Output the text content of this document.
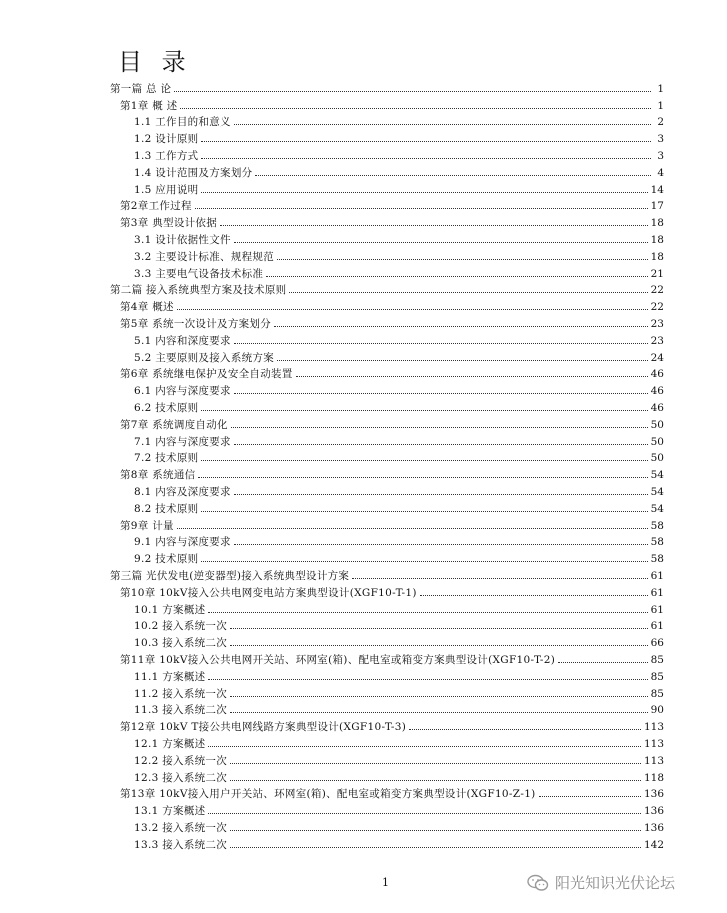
目 录
第一篇 总 论	1
第1章 概 述	1
1.1 工作目的和意义	2
1.2 设计原则	3
1.3 工作方式	3
1.4 设计范围及方案划分	4
1.5 应用说明	14
第2章工作过程	17
第3章 典型设计依据	18
3.1 设计依据性文件	18
3.2 主要设计标准、规程规范	18
3.3 主要电气设备技术标准	21
第二篇 接入系统典型方案及技术原则	22
第4章 概述	22
第5章 系统一次设计及方案划分	23
5.1 内容和深度要求	23
5.2 主要原则及接入系统方案	24
第6章 系统继电保护及安全自动装置	46
6.1 内容与深度要求	46
6.2 技术原则	46
第7章 系统调度自动化	50
7.1 内容与深度要求	50
7.2 技术原则	50
第8章 系统通信	54
8.1 内容及深度要求	54
8.2 技术原则	54
第9章 计量	58
9.1 内容与深度要求	58
9.2 技术原则	58
第三篇 光伏发电(逆变器型)接入系统典型设计方案	61
第10章 10kV接入公共电网变电站方案典型设计(XGF10-T-1)	61
10.1 方案概述	61
10.2 接入系统一次	61
10.3 接入系统二次	66
第11章 10kV接入公共电网开关站、环网室(箱)、配电室或箱变方案典型设计(XGF10-T-2)	85
11.1 方案概述	85
11.2 接入系统一次	85
11.3 接入系统二次	90
第12章 10kV T接公共电网线路方案典型设计(XGF10-T-3)	113
12.1 方案概述	113
12.2 接入系统一次	113
12.3 接入系统二次	118
第13章 10kV接入用户开关站、环网室(箱)、配电室或箱变方案典型设计(XGF10-Z-1)	136
13.1 方案概述	136
13.2 接入系统一次	136
13.3 接入系统二次	142
1	阳光知识光伏论坛
